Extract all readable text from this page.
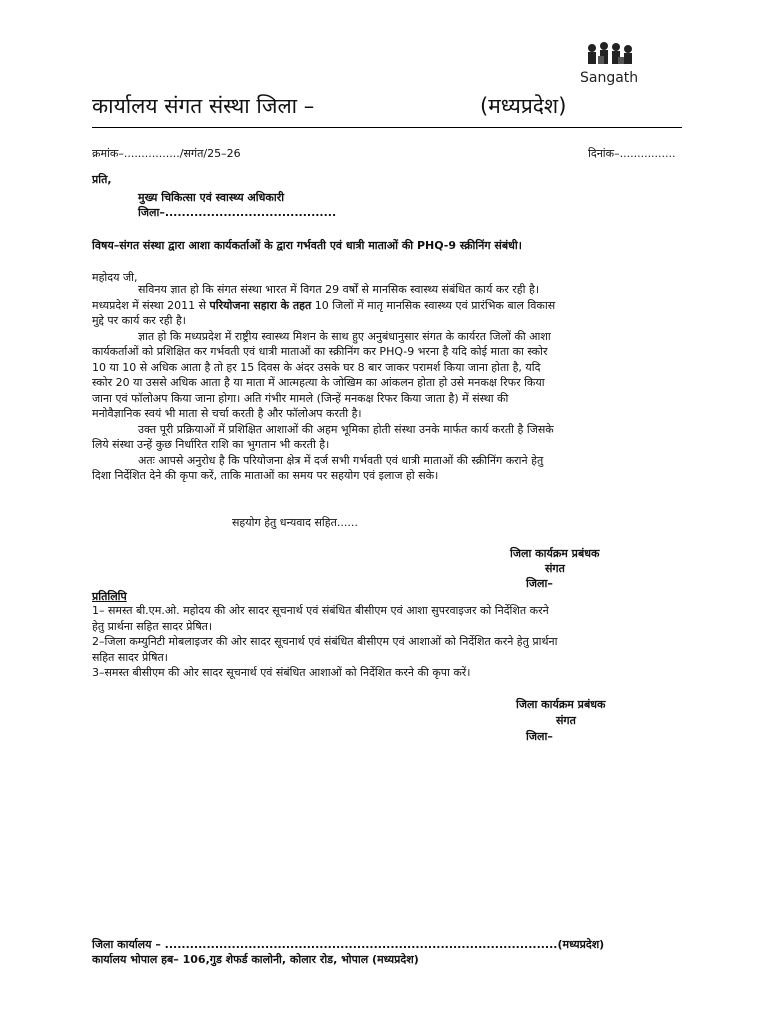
Sangath
कार्यालय संगत संस्था जिला –	(मध्यप्रदेश)
क्रमांक–................/सगंत/25–26	दिनांक–................
प्रति,
मुख्य चिकित्सा एवं स्वास्थ्य अधिकारी
जिला–.........................................
विषय–संगत संस्था द्वारा आशा कार्यकर्ताओं के द्वारा गर्भवती एवं धात्री माताओं की PHQ-9 स्क्रीनिंग संबंधी।
महोदय जी,
सविनय ज्ञात हो कि संगत संस्था भारत में विगत 29 वर्षों से मानसिक स्वास्थ्य संबंधित कार्य कर रही है।
मध्यप्रदेश में संस्था 2011 से परियोजना सहारा के तहत 10 जिलों में मातृ मानसिक स्वास्थ्य एवं प्रारंभिक बाल विकास
मुद्दे पर कार्य कर रही है।
ज्ञात हो कि मध्यप्रदेश में राष्ट्रीय स्वास्थ्य मिशन के साथ हुए अनुबंधानुसार संगत के कार्यरत जिलों की आशा
कार्यकर्ताओं को प्रशिक्षित कर गर्भवती एवं धात्री माताओं का स्क्रीनिंग कर PHQ-9 भरना है यदि कोई माता का स्कोर
10 या 10 से अधिक आता है तो हर 15 दिवस के अंदर उसके घर 8 बार जाकर परामर्श किया जाना होता है, यदि
स्कोर 20 या उससे अधिक आता है या माता में आत्महत्या के जोखिम का आंकलन होता हो उसे मनकक्ष रिफर किया
जाना एवं फॉलोअप किया जाना होगा। अति गंभीर मामले (जिन्हें मनकक्ष रिफर किया जाता है) में संस्था की
मनोवैज्ञानिक स्वयं भी माता से चर्चा करती है और फॉलोअप करती है।
उक्त पूरी प्रक्रियाओं में प्रशिक्षित आशाओं की अहम भूमिका होती संस्था उनके मार्फत कार्य करती है जिसके
लिये संस्था उन्हें कुछ निर्धारित राशि का भुगतान भी करती है।
अतः आपसे अनुरोध है कि परियोजना क्षेत्र में दर्ज सभी गर्भवती एवं धात्री माताओं की स्क्रीनिंग कराने हेतु
दिशा निर्देशित देने की कृपा करें, ताकि माताओं का समय पर सहयोग एवं इलाज हो सके।
सहयोग हेतु धन्यवाद सहित......
जिला कार्यक्रम प्रबंधक
संगत
जिला–
प्रतिलिपि
1– समस्त बी.एम.ओ. महोदय की ओर सादर सूचनार्थ एवं संबंधित बीसीएम एवं आशा सुपरवाइजर को निर्देशित करने
हेतु प्रार्थना सहित सादर प्रेषित।
2–जिला कम्युनिटी मोबलाइजर की ओर सादर सूचनार्थ एवं संबंधित बीसीएम एवं आशाओं को निर्देशित करने हेतु प्रार्थना
सहित सादर प्रेषित।
3–समस्त बीसीएम की ओर सादर सूचनार्थ एवं संबंधित आशाओं को निर्देशित करने की कृपा करें।
जिला कार्यक्रम प्रबंधक
संगत
जिला–
जिला कार्यालय – ..............................................................................................(मध्यप्रदेश)
कार्यालय भोपाल हब– 106,गुड शेफर्ड कालोनी, कोलार रोड, भोपाल (मध्यप्रदेश)
